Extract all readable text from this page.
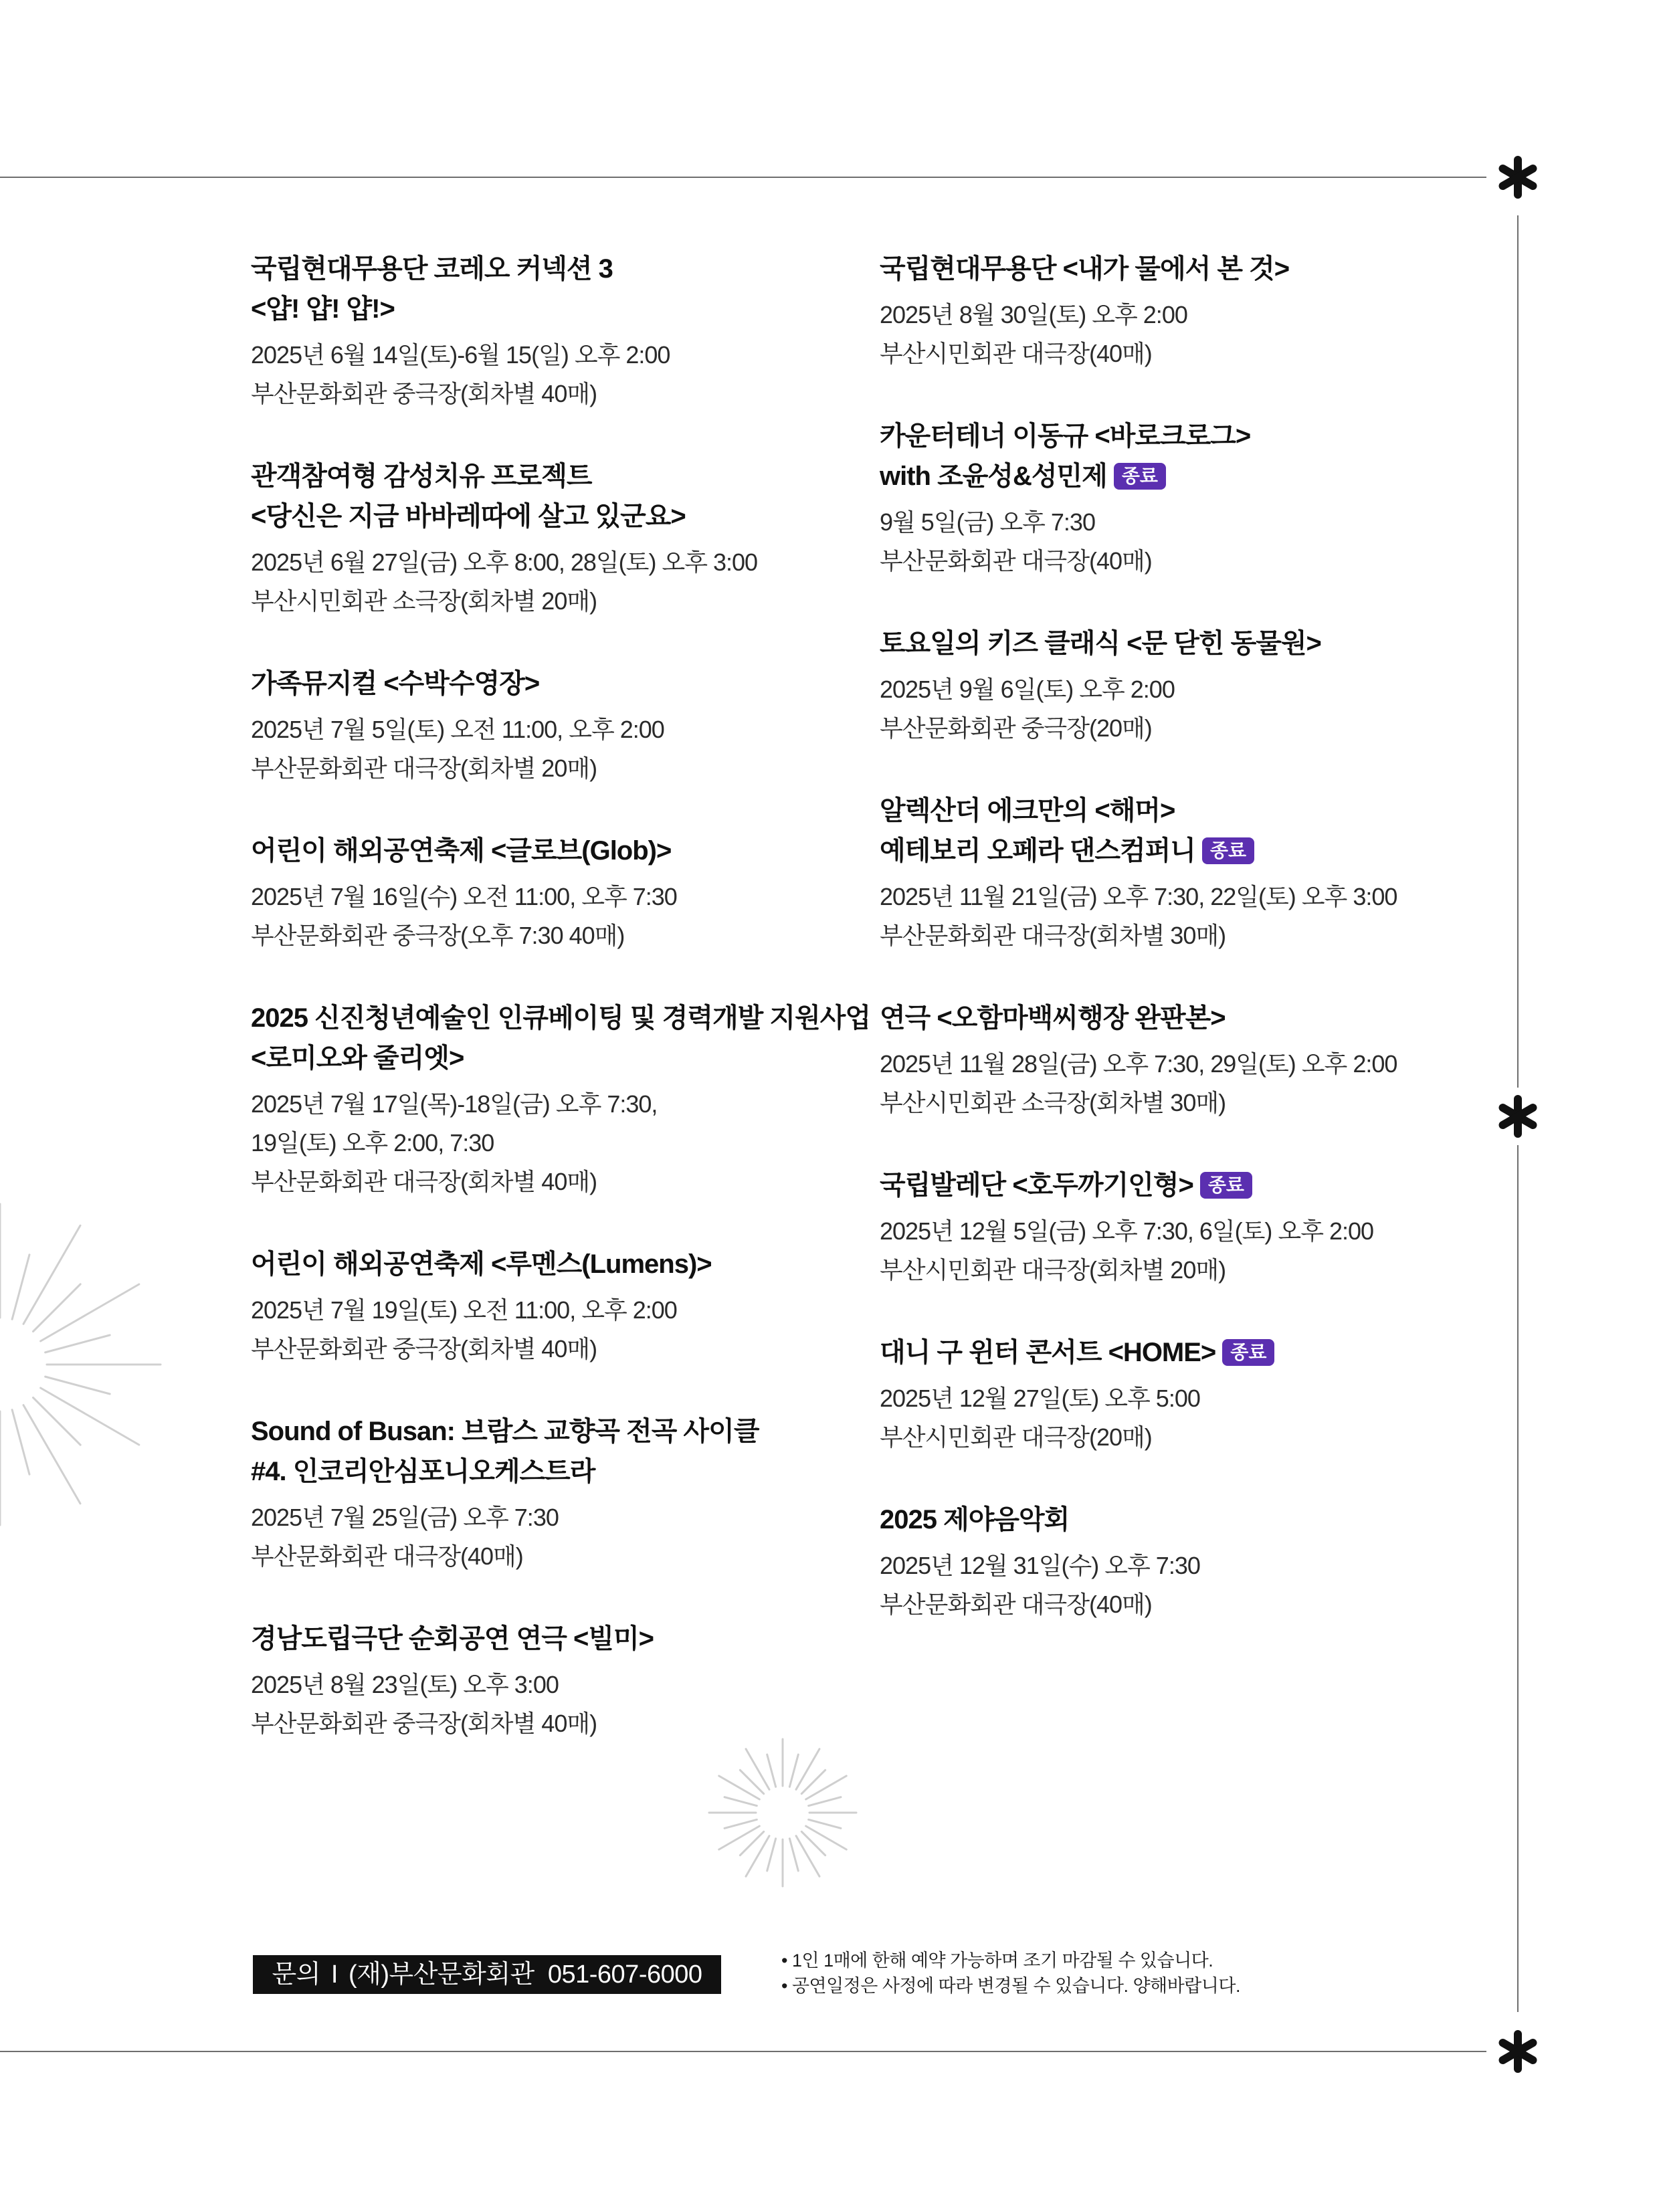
국립현대무용단 코레오 커넥션 3
<얍! 얍! 얍!>
2025년 6월 14일(토)-6월 15(일) 오후 2:00
부산문화회관 중극장(회차별 40매)
관객참여형 감성치유 프로젝트
<당신은 지금 바바레따에 살고 있군요>
2025년 6월 27일(금) 오후 8:00, 28일(토) 오후 3:00
부산시민회관 소극장(회차별 20매)
가족뮤지컬 <수박수영장>
2025년 7월 5일(토) 오전 11:00, 오후 2:00
부산문화회관 대극장(회차별 20매)
어린이 해외공연축제 <글로브(Glob)>
2025년 7월 16일(수) 오전 11:00, 오후 7:30
부산문화회관 중극장(오후 7:30 40매)
2025 신진청년예술인 인큐베이팅 및 경력개발 지원사업
<로미오와 줄리엣>
2025년 7월 17일(목)-18일(금) 오후 7:30,
19일(토) 오후 2:00, 7:30
부산문화회관 대극장(회차별 40매)
어린이 해외공연축제 <루멘스(Lumens)>
2025년 7월 19일(토) 오전 11:00, 오후 2:00
부산문화회관 중극장(회차별 40매)
Sound of Busan: 브람스 교향곡 전곡 사이클
#4. 인코리안심포니오케스트라
2025년 7월 25일(금) 오후 7:30
부산문화회관 대극장(40매)
경남도립극단 순회공연 연극 <빌미>
2025년 8월 23일(토) 오후 3:00
부산문화회관 중극장(회차별 40매)
국립현대무용단 <내가 물에서 본 것>
2025년 8월 30일(토) 오후 2:00
부산시민회관 대극장(40매)
카운터테너 이동규 <바로크로그>
with 조윤성&성민제 종료
9월 5일(금) 오후 7:30
부산문화회관 대극장(40매)
토요일의 키즈 클래식 <문 닫힌 동물원>
2025년 9월 6일(토) 오후 2:00
부산문화회관 중극장(20매)
알렉산더 에크만의 <해머>
예테보리 오페라 댄스컴퍼니 종료
2025년 11월 21일(금) 오후 7:30, 22일(토) 오후 3:00
부산문화회관 대극장(회차별 30매)
연극 <오함마백씨행장 완판본>
2025년 11월 28일(금) 오후 7:30, 29일(토) 오후 2:00
부산시민회관 소극장(회차별 30매)
국립발레단 <호두까기인형> 종료
2025년 12월 5일(금) 오후 7:30, 6일(토) 오후 2:00
부산시민회관 대극장(회차별 20매)
대니 구 윈터 콘서트 <HOME> 종료
2025년 12월 27일(토) 오후 5:00
부산시민회관 대극장(20매)
2025 제야음악회
2025년 12월 31일(수) 오후 7:30
부산문화회관 대극장(40매)
문의 I (재)부산문화회관 051-607-6000
•	1인 1매에 한해 예약 가능하며 조기 마감될 수 있습니다.
• 공연일정은 사정에 따라 변경될 수 있습니다. 양해바랍니다.
